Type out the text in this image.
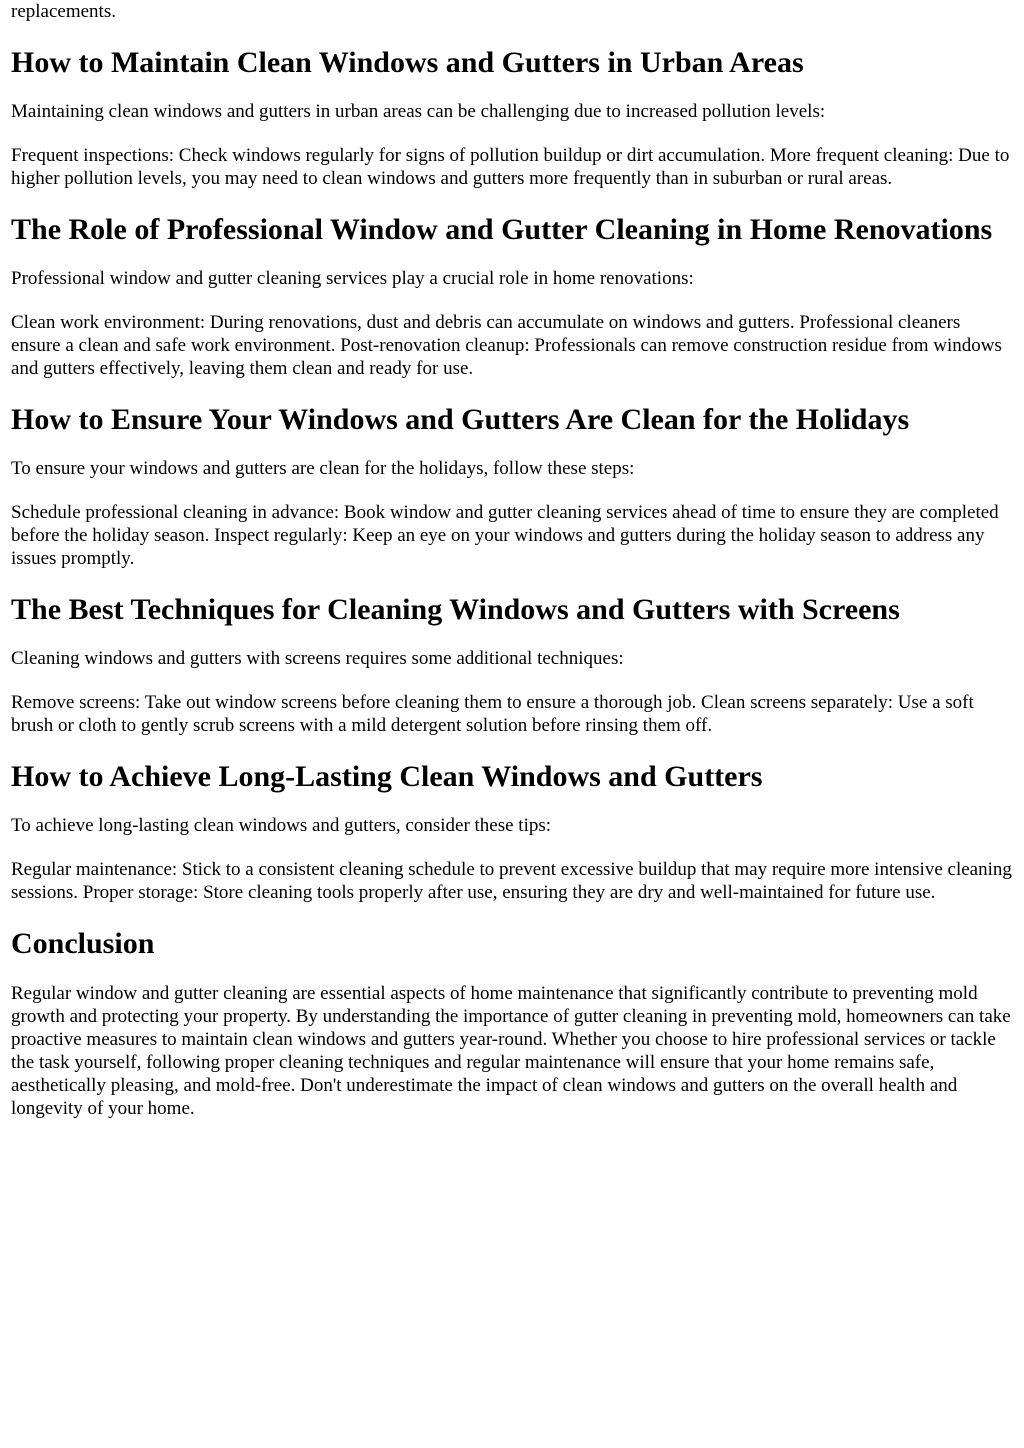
replacements.

How to Maintain Clean Windows and Gutters in Urban Areas

Maintaining clean windows and gutters in urban areas can be challenging due to increased pollution levels:

Frequent inspections: Check windows regularly for signs of pollution buildup or dirt accumulation. More frequent cleaning: Due to higher pollution levels, you may need to clean windows and gutters more frequently than in suburban or rural areas.

The Role of Professional Window and Gutter Cleaning in Home Renovations

Professional window and gutter cleaning services play a crucial role in home renovations:

Clean work environment: During renovations, dust and debris can accumulate on windows and gutters. Professional cleaners ensure a clean and safe work environment. Post-renovation cleanup: Professionals can remove construction residue from windows and gutters effectively, leaving them clean and ready for use.

How to Ensure Your Windows and Gutters Are Clean for the Holidays

To ensure your windows and gutters are clean for the holidays, follow these steps:

Schedule professional cleaning in advance: Book window and gutter cleaning services ahead of time to ensure they are completed before the holiday season. Inspect regularly: Keep an eye on your windows and gutters during the holiday season to address any issues promptly.

The Best Techniques for Cleaning Windows and Gutters with Screens

Cleaning windows and gutters with screens requires some additional techniques:

Remove screens: Take out window screens before cleaning them to ensure a thorough job. Clean screens separately: Use a soft brush or cloth to gently scrub screens with a mild detergent solution before rinsing them off.

How to Achieve Long-Lasting Clean Windows and Gutters

To achieve long-lasting clean windows and gutters, consider these tips:

Regular maintenance: Stick to a consistent cleaning schedule to prevent excessive buildup that may require more intensive cleaning sessions. Proper storage: Store cleaning tools properly after use, ensuring they are dry and well-maintained for future use.

Conclusion

Regular window and gutter cleaning are essential aspects of home maintenance that significantly contribute to preventing mold growth and protecting your property. By understanding the importance of gutter cleaning in preventing mold, homeowners can take proactive measures to maintain clean windows and gutters year-round. Whether you choose to hire professional services or tackle the task yourself, following proper cleaning techniques and regular maintenance will ensure that your home remains safe, aesthetically pleasing, and mold-free. Don't underestimate the impact of clean windows and gutters on the overall health and longevity of your home.
